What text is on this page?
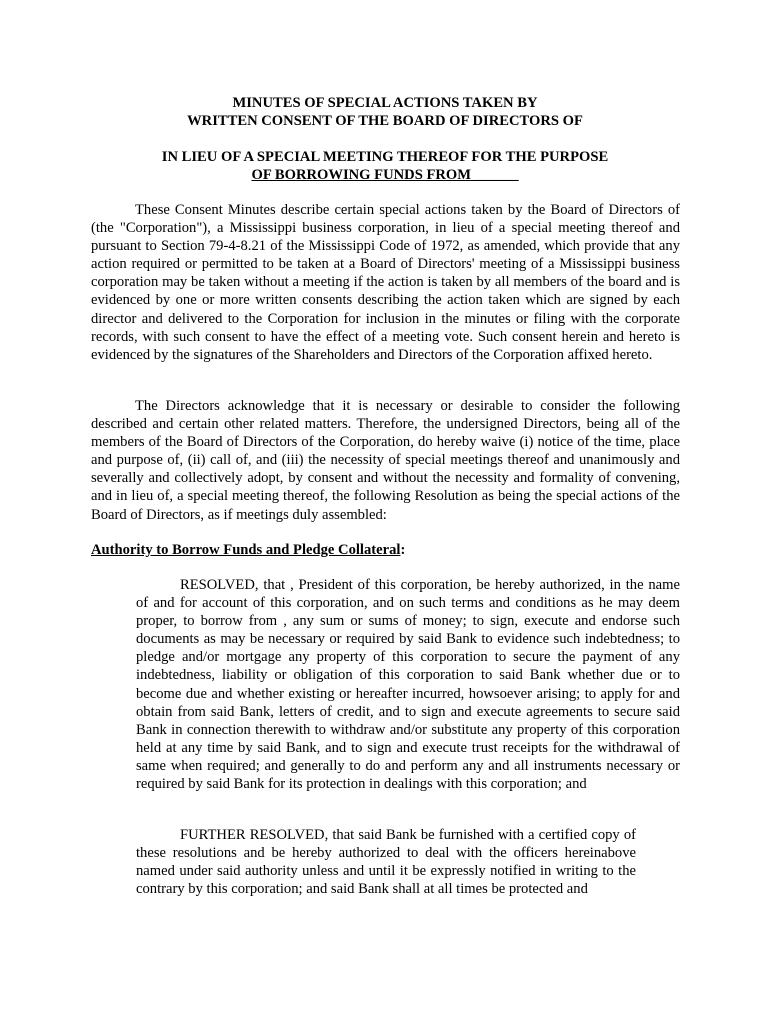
MINUTES OF SPECIAL ACTIONS TAKEN BY
WRITTEN CONSENT OF THE BOARD OF DIRECTORS OF
IN LIEU OF A SPECIAL MEETING THEREOF FOR THE PURPOSE
OF BORROWING FUNDS FROM ______

These Consent Minutes describe certain special actions taken by the Board of Directors of (the "Corporation"), a Mississippi business corporation, in lieu of a special meeting thereof and pursuant to Section 79-4-8.21 of the Mississippi Code of 1972, as amended, which provide that any action required or permitted to be taken at a Board of Directors' meeting of a Mississippi business corporation may be taken without a meeting if the action is taken by all members of the board and is evidenced by one or more written consents describing the action taken which are signed by each director and delivered to the Corporation for inclusion in the minutes or filing with the corporate records, with such consent to have the effect of a meeting vote. Such consent herein and hereto is evidenced by the signatures of the Shareholders and Directors of the Corporation affixed hereto.

The Directors acknowledge that it is necessary or desirable to consider the following described and certain other related matters. Therefore, the undersigned Directors, being all of the members of the Board of Directors of the Corporation, do hereby waive (i) notice of the time, place and purpose of, (ii) call of, and (iii) the necessity of special meetings thereof and unanimously and severally and collectively adopt, by consent and without the necessity and formality of convening, and in lieu of, a special meeting thereof, the following Resolution as being the special actions of the Board of Directors, as if meetings duly assembled:

Authority to Borrow Funds and Pledge Collateral:

RESOLVED, that , President of this corporation, be hereby authorized, in the name of and for account of this corporation, and on such terms and conditions as he may deem proper, to borrow from , any sum or sums of money; to sign, execute and endorse such documents as may be necessary or required by said Bank to evidence such indebtedness; to pledge and/or mortgage any property of this corporation to secure the payment of any indebtedness, liability or obligation of this corporation to said Bank whether due or to become due and whether existing or hereafter incurred, howsoever arising; to apply for and obtain from said Bank, letters of credit, and to sign and execute agreements to secure said Bank in connection therewith to withdraw and/or substitute any property of this corporation held at any time by said Bank, and to sign and execute trust receipts for the withdrawal of same when required; and generally to do and perform any and all instruments necessary or required by said Bank for its protection in dealings with this corporation; and

FURTHER RESOLVED, that said Bank be furnished with a certified copy of these resolutions and be hereby authorized to deal with the officers hereinabove named under said authority unless and until it be expressly notified in writing to the contrary by this corporation; and said Bank shall at all times be protected and
